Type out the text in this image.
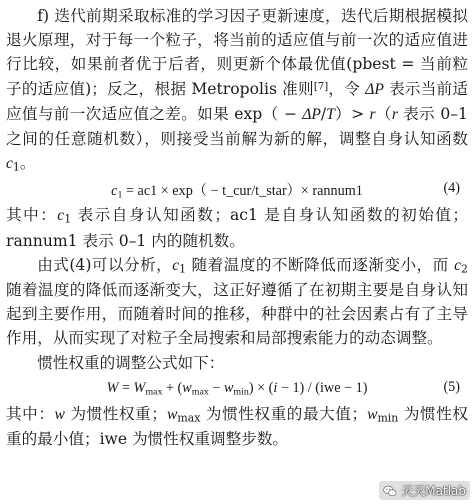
f) 迭代前期采取标准的学习因子更新速度，迭代后期根据模拟退火原理，对于每一个粒子，将当前的适应值与前一次的适应值进行比较，如果前者优于后者，则更新个体最优值(pbest = 当前粒子的适应值)；反之，根据 Metropolis 准则[7]，令 ΔP 表示当前适应值与前一次适应值之差。如果 exp（ − ΔP/T）> r（r 表示 0–1 之间的任意随机数），则接受当前解为新的解，调整自身认知函数 $c_1$。

$c_1 = ac1 \times \exp$（ − t_cur/t_star）× rannum1	(4)

其中：$c_1$ 表示自身认知函数；ac1 是自身认知函数的初始值；rannum1 表示 0–1 内的随机数。

由式(4)可以分析，$c_1$ 随着温度的不断降低而逐渐变小，而 $c_2$ 随着温度的降低而逐渐变大，这正好遵循了在初期主要是自身认知起到主要作用，而随着时间的推移，种群中的社会因素占有了主导作用，从而实现了对粒子全局搜索和局部搜索能力的动态调整。

惯性权重的调整公式如下：

$W = W_{max} + (w_{max} - w_{min}) \times (i - 1) / (iwe - 1)$	(5)

其中：w 为惯性权重；$w_{max}$ 为惯性权重的最大值；$w_{min}$ 为惯性权重的最小值；iwe 为惯性权重调整步数。

天天Matlab
